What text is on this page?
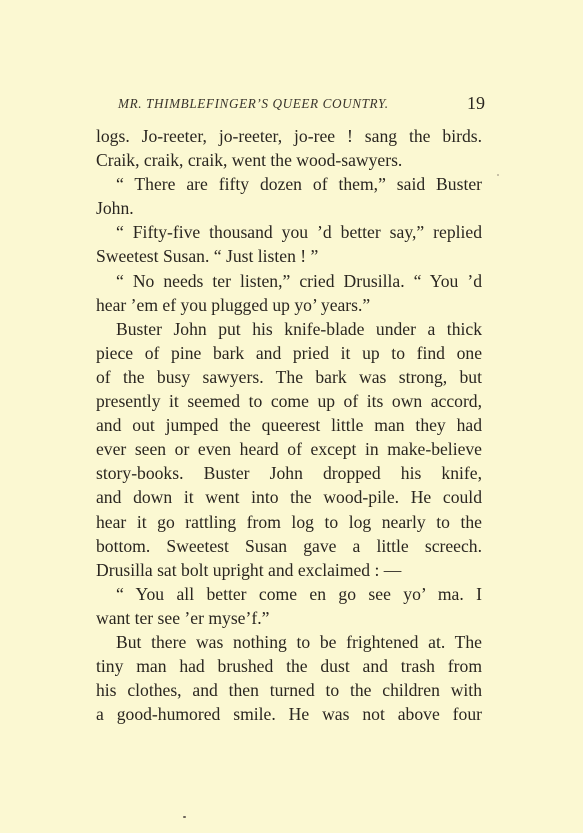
MR. THIMBLEFINGER’S QUEER COUNTRY.	19
logs. Jo-reeter, jo-reeter, jo-ree ! sang the birds.
Craik, craik, craik, went the wood-sawyers.
“ There are fifty dozen of them,” said Buster
John.
“ Fifty-five thousand you ’d better say,” replied
Sweetest Susan. “ Just listen ! ”
“ No needs ter listen,” cried Drusilla. “ You ’d
hear ’em ef you plugged up yo’ years.”
Buster John put his knife-blade under a thick
piece of pine bark and pried it up to find one
of the busy sawyers. The bark was strong, but
presently it seemed to come up of its own accord,
and out jumped the queerest little man they had
ever seen or even heard of except in make-believe
story-books. Buster John dropped his knife,
and down it went into the wood-pile. He could
hear it go rattling from log to log nearly to the
bottom. Sweetest Susan gave a little screech.
Drusilla sat bolt upright and exclaimed : —
“ You all better come en go see yo’ ma. I
want ter see ’er myse’f.”
But there was nothing to be frightened at. The
tiny man had brushed the dust and trash from
his clothes, and then turned to the children with
a good-humored smile. He was not above four
